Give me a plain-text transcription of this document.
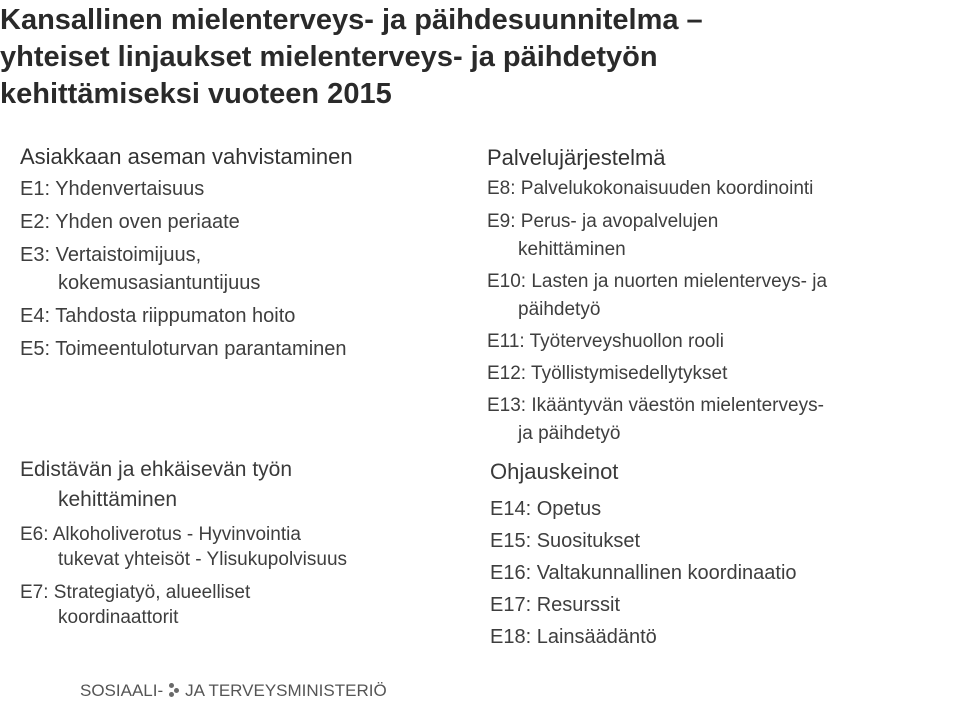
Kansallinen mielenterveys- ja päihdesuunnitelma –
yhteiset linjaukset mielenterveys- ja päihdetyön
kehittämiseksi vuoteen 2015
Asiakkaan aseman vahvistaminen
E1: Yhdenvertaisuus
E2: Yhden oven periaate
E3: Vertaistoimijuus,
kokemusasiantuntijuus
E4: Tahdosta riippumaton hoito
E5: Toimeentuloturvan parantaminen
Edistävän ja ehkäisevän työn
kehittäminen
E6: Alkoholiverotus - Hyvinvointia
tukevat yhteisöt - Ylisukupolvisuus
E7: Strategiatyö, alueelliset
koordinaattorit
Palvelujärjestelmä
E8: Palvelukokonaisuuden koordinointi
E9: Perus- ja avopalvelujen
kehittäminen
E10: Lasten ja nuorten mielenterveys- ja
päihdetyö
E11: Työterveyshuollon rooli
E12: Työllistymisedellytykset
E13: Ikääntyvän väestön mielenterveys-
ja päihdetyö
Ohjauskeinot
E14: Opetus
E15: Suositukset
E16: Valtakunnallinen koordinaatio
E17: Resurssit
E18: Lainsäädäntö
SOSIAALI- JA TERVEYSMINISTERIÖ
